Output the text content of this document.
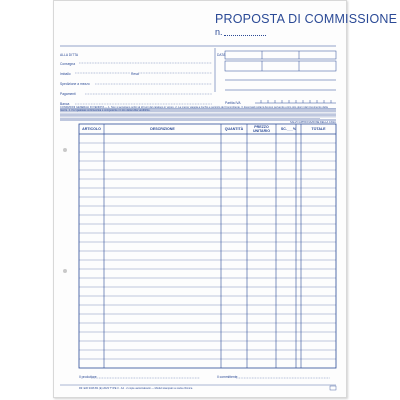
PROPOSTA DI COMMISSIONE
n.
ALLA DITTA	DATA
Consegna
Imballo	Resa
Spedizione a mezzo
Pagamenti
Banca	Partita IVA
CONDIZIONI GENERALI DI VENDITA — 1. Non si accettano ordini al di fuori del catalogo in vigore. 2. La merce viaggia a rischio e pericolo del Committente. 3. Eventuali reclami devono pervenire entro otto giorni dal ricevimento della merce. 4. Per qualsiasi controversia è competente il Foro della Ditta venditrice.
SALVO APPROVAZIONE DELLA CASA
ARTICOLO	DESCRIZIONE	QUANTITÀ	PREZZO UNITARIO	SC.___%	TOTALE
Il produttore	Il committente
Rif. E/R 3346 B1 (E) 2023 TYPE 3 · A4 · 2 copie autoricalcanti — Moduli stampati su carta chimica
